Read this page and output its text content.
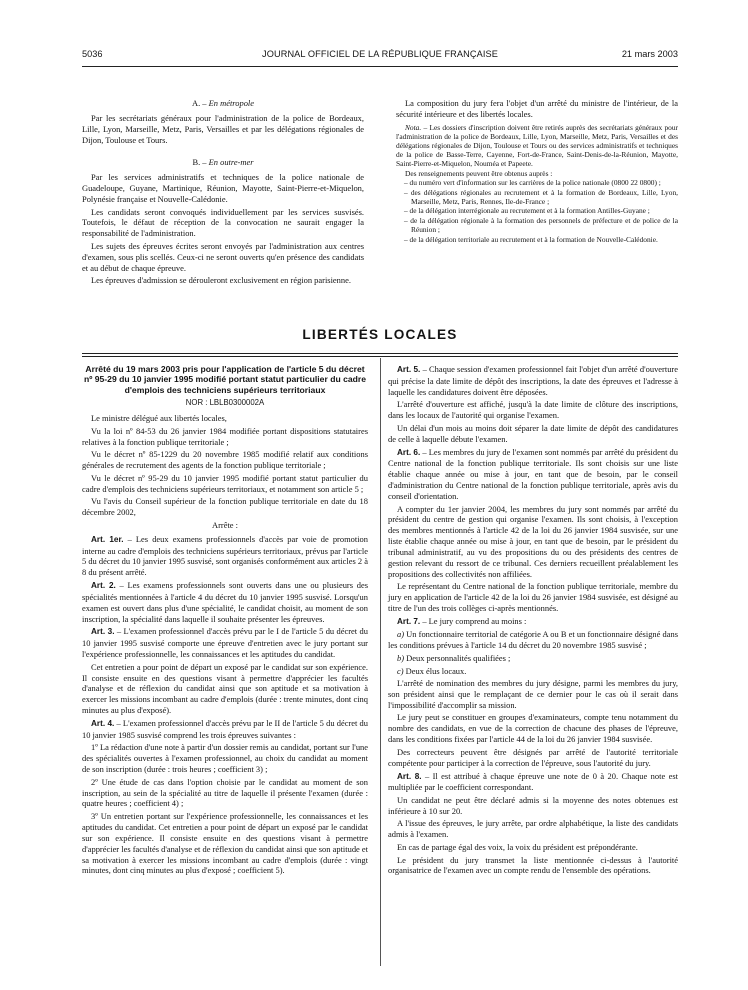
5036	JOURNAL OFFICIEL DE LA RÉPUBLIQUE FRANÇAISE	21 mars 2003

A. – En métropole

Par les secrétariats généraux pour l'administration de la police de Bordeaux, Lille, Lyon, Marseille, Metz, Paris, Versailles et par les délégations régionales de Dijon, Toulouse et Tours.

B. – En outre-mer

Par les services administratifs et techniques de la police nationale de Guadeloupe, Guyane, Martinique, Réunion, Mayotte, Saint-Pierre-et-Miquelon, Polynésie française et Nouvelle-Calédonie.

Les candidats seront convoqués individuellement par les services susvisés. Toutefois, le défaut de réception de la convocation ne saurait engager la responsabilité de l'administration.

Les sujets des épreuves écrites seront envoyés par l'administration aux centres d'examen, sous plis scellés. Ceux-ci ne seront ouverts qu'en présence des candidats et au début de chaque épreuve.

Les épreuves d'admission se dérouleront exclusivement en région parisienne.

La composition du jury fera l'objet d'un arrêté du ministre de l'intérieur, de la sécurité intérieure et des libertés locales.

Nota. – Les dossiers d'inscription doivent être retirés auprès des secrétariats généraux pour l'administration de la police de Bordeaux, Lille, Lyon, Marseille, Metz, Paris, Versailles et des délégations régionales de Dijon, Toulouse et Tours ou des services administratifs et techniques de la police de Basse-Terre, Cayenne, Fort-de-France, Saint-Denis-de-la-Réunion, Mayotte, Saint-Pierre-et-Miquelon, Nouméa et Papeete.

Des renseignements peuvent être obtenus auprès :

– du numéro vert d'information sur les carrières de la police nationale (0800 22 0800) ;

– des délégations régionales au recrutement et à la formation de Bordeaux, Lille, Lyon, Marseille, Metz, Paris, Rennes, Ile-de-France ;

– de la délégation interrégionale au recrutement et à la formation Antilles-Guyane ;

– de la délégation régionale à la formation des personnels de préfecture et de police de la Réunion ;

– de la délégation territoriale au recrutement et à la formation de Nouvelle-Calédonie.

LIBERTÉS LOCALES

Arrêté du 19 mars 2003 pris pour l'application de l'article 5 du décret nº 95-29 du 10 janvier 1995 modifié portant statut particulier du cadre d'emplois des techniciens supérieurs territoriaux

NOR : LBLB0300002A

Le ministre délégué aux libertés locales,

Vu la loi nº 84-53 du 26 janvier 1984 modifiée portant dispositions statutaires relatives à la fonction publique territoriale ;

Vu le décret nº 85-1229 du 20 novembre 1985 modifié relatif aux conditions générales de recrutement des agents de la fonction publique territoriale ;

Vu le décret nº 95-29 du 10 janvier 1995 modifié portant statut particulier du cadre d'emplois des techniciens supérieurs territoriaux, et notamment son article 5 ;

Vu l'avis du Conseil supérieur de la fonction publique territoriale en date du 18 décembre 2002,

Arrête :

Art. 1er. – Les deux examens professionnels d'accès par voie de promotion interne au cadre d'emplois des techniciens supérieurs territoriaux, prévus par l'article 5 du décret du 10 janvier 1995 susvisé, sont organisés conformément aux articles 2 à 8 du présent arrêté.

Art. 2. – Les examens professionnels sont ouverts dans une ou plusieurs des spécialités mentionnées à l'article 4 du décret du 10 janvier 1995 susvisé. Lorsqu'un examen est ouvert dans plus d'une spécialité, le candidat choisit, au moment de son inscription, la spécialité dans laquelle il souhaite présenter les épreuves.

Art. 3. – L'examen professionnel d'accès prévu par le I de l'article 5 du décret du 10 janvier 1995 susvisé comporte une épreuve d'entretien avec le jury portant sur l'expérience professionnelle, les connaissances et les aptitudes du candidat.

Cet entretien a pour point de départ un exposé par le candidat sur son expérience. Il consiste ensuite en des questions visant à permettre d'apprécier les facultés d'analyse et de réflexion du candidat ainsi que son aptitude et sa motivation à exercer les missions incombant au cadre d'emplois (durée : trente minutes, dont cinq minutes au plus d'exposé).

Art. 4. – L'examen professionnel d'accès prévu par le II de l'article 5 du décret du 10 janvier 1985 susvisé comprend les trois épreuves suivantes :

1º La rédaction d'une note à partir d'un dossier remis au candidat, portant sur l'une des spécialités ouvertes à l'examen professionnel, au choix du candidat au moment de son inscription (durée : trois heures ; coefficient 3) ;

2º Une étude de cas dans l'option choisie par le candidat au moment de son inscription, au sein de la spécialité au titre de laquelle il présente l'examen (durée : quatre heures ; coefficient 4) ;

3º Un entretien portant sur l'expérience professionnelle, les connaissances et les aptitudes du candidat. Cet entretien a pour point de départ un exposé par le candidat sur son expérience. Il consiste ensuite en des questions visant à permettre d'apprécier les facultés d'analyse et de réflexion du candidat ainsi que son aptitude et sa motivation à exercer les missions incombant au cadre d'emplois (durée : vingt minutes, dont cinq minutes au plus d'exposé ; coefficient 5).

Art. 5. – Chaque session d'examen professionnel fait l'objet d'un arrêté d'ouverture qui précise la date limite de dépôt des inscriptions, la date des épreuves et l'adresse à laquelle les candidatures doivent être déposées.

L'arrêté d'ouverture est affiché, jusqu'à la date limite de clôture des inscriptions, dans les locaux de l'autorité qui organise l'examen.

Un délai d'un mois au moins doit séparer la date limite de dépôt des candidatures de celle à laquelle débute l'examen.

Art. 6. – Les membres du jury de l'examen sont nommés par arrêté du président du Centre national de la fonction publique territoriale. Ils sont choisis sur une liste établie chaque année ou mise à jour, en tant que de besoin, par le conseil d'administration du Centre national de la fonction publique territoriale, après avis du conseil d'orientation.

A compter du 1er janvier 2004, les membres du jury sont nommés par arrêté du président du centre de gestion qui organise l'examen. Ils sont choisis, à l'exception des membres mentionnés à l'article 42 de la loi du 26 janvier 1984 susvisée, sur une liste établie chaque année ou mise à jour, en tant que de besoin, par le président du tribunal administratif, au vu des propositions du ou des présidents des centres de gestion relevant du ressort de ce tribunal. Ces derniers recueillent préalablement les propositions des collectivités non affiliées.

Le représentant du Centre national de la fonction publique territoriale, membre du jury en application de l'article 42 de la loi du 26 janvier 1984 susvisée, est désigné au titre de l'un des trois collèges ci-après mentionnés.

Art. 7. – Le jury comprend au moins :

a) Un fonctionnaire territorial de catégorie A ou B et un fonctionnaire désigné dans les conditions prévues à l'article 14 du décret du 20 novembre 1985 susvisé ;

b) Deux personnalités qualifiées ;

c) Deux élus locaux.

L'arrêté de nomination des membres du jury désigne, parmi les membres du jury, son président ainsi que le remplaçant de ce dernier pour le cas où il serait dans l'impossibilité d'accomplir sa mission.

Le jury peut se constituer en groupes d'examinateurs, compte tenu notamment du nombre des candidats, en vue de la correction de chacune des phases de l'épreuve, dans les conditions fixées par l'article 44 de la loi du 26 janvier 1984 susvisée.

Des correcteurs peuvent être désignés par arrêté de l'autorité territoriale compétente pour participer à la correction de l'épreuve, sous l'autorité du jury.

Art. 8. – Il est attribué à chaque épreuve une note de 0 à 20. Chaque note est multipliée par le coefficient correspondant.

Un candidat ne peut être déclaré admis si la moyenne des notes obtenues est inférieure à 10 sur 20.

A l'issue des épreuves, le jury arrête, par ordre alphabétique, la liste des candidats admis à l'examen.

En cas de partage égal des voix, la voix du président est prépondérante.

Le président du jury transmet la liste mentionnée ci-dessus à l'autorité organisatrice de l'examen avec un compte rendu de l'ensemble des opérations.
